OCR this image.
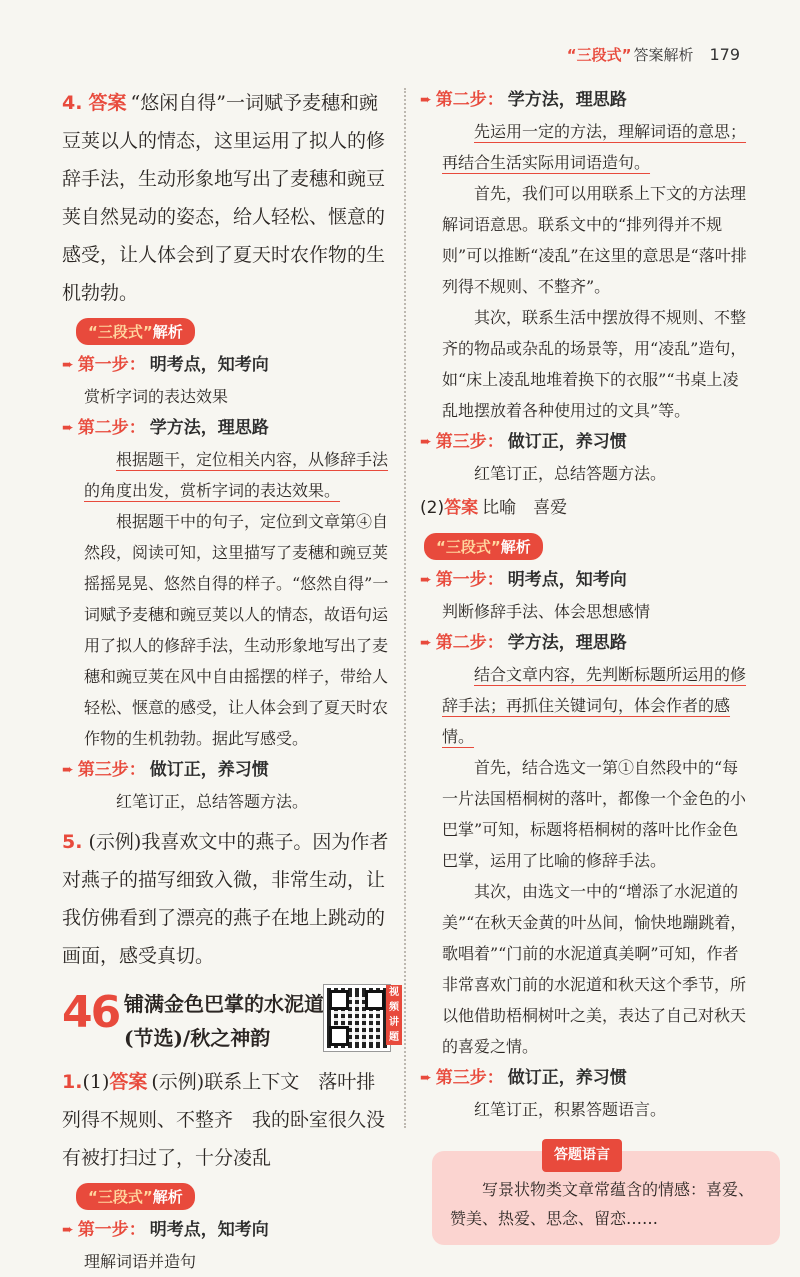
“三段式” 答案解析 179

4. 答案 “悠闲自得”一词赋予麦穗和豌豆荚以人的情态，这里运用了拟人的修辞手法，生动形象地写出了麦穗和豌豆荚自然晃动的姿态，给人轻松、惬意的感受，让人体会到了夏天时农作物的生机勃勃。

“三段式”解析
➨ 第一步： 明考点，知考向
赏析字词的表达效果
➨ 第二步： 学方法，理思路
根据题干，定位相关内容，从修辞手法的角度出发，赏析字词的表达效果。
根据题干中的句子，定位到文章第④自然段，阅读可知，这里描写了麦穗和豌豆荚摇摇晃晃、悠然自得的样子。“悠然自得”一词赋予麦穗和豌豆荚以人的情态，故语句运用了拟人的修辞手法，生动形象地写出了麦穗和豌豆荚在风中自由摇摆的样子，带给人轻松、惬意的感受，让人体会到了夏天时农作物的生机勃勃。据此写感受。
➨ 第三步： 做订正，养习惯
红笔订正，总结答题方法。

5. (示例)我喜欢文中的燕子。因为作者对燕子的描写细致入微，非常生动，让我仿佛看到了漂亮的燕子在地上跳动的画面，感受真切。

46 铺满金色巴掌的水泥道
(节选)/秋之神韵
视频讲题

1.(1)答案 (示例)联系上下文　落叶排列得不规则、不整齐　我的卧室很久没有被打扫过了，十分凌乱

“三段式”解析
➨ 第一步： 明考点，知考向
理解词语并造句
➨ 第二步： 学方法，理思路
先运用一定的方法，理解词语的意思；再结合生活实际用词语造句。
首先，我们可以用联系上下文的方法理解词语意思。联系文中的“排列得并不规则”可以推断“凌乱”在这里的意思是“落叶排列得不规则、不整齐”。
其次，联系生活中摆放得不规则、不整齐的物品或杂乱的场景等，用“凌乱”造句，如“床上凌乱地堆着换下的衣服”“书桌上凌乱地摆放着各种使用过的文具”等。
➨ 第三步： 做订正，养习惯
红笔订正，总结答题方法。

(2)答案 比喻　喜爱

“三段式”解析
➨ 第一步： 明考点，知考向
判断修辞手法、体会思想感情
➨ 第二步： 学方法，理思路
结合文章内容，先判断标题所运用的修辞手法；再抓住关键词句，体会作者的感情。
首先，结合选文一第①自然段中的“每一片法国梧桐树的落叶，都像一个金色的小巴掌”可知，标题将梧桐树的落叶比作金色巴掌，运用了比喻的修辞手法。
其次，由选文一中的“增添了水泥道的美”“在秋天金黄的叶丛间，愉快地蹦跳着，歌唱着”“门前的水泥道真美啊”可知，作者非常喜欢门前的水泥道和秋天这个季节，所以他借助梧桐树叶之美，表达了自己对秋天的喜爱之情。
➨ 第三步： 做订正，养习惯
红笔订正，积累答题语言。
答题语言
写景状物类文章常蕴含的情感：喜爱、赞美、热爱、思念、留恋……
